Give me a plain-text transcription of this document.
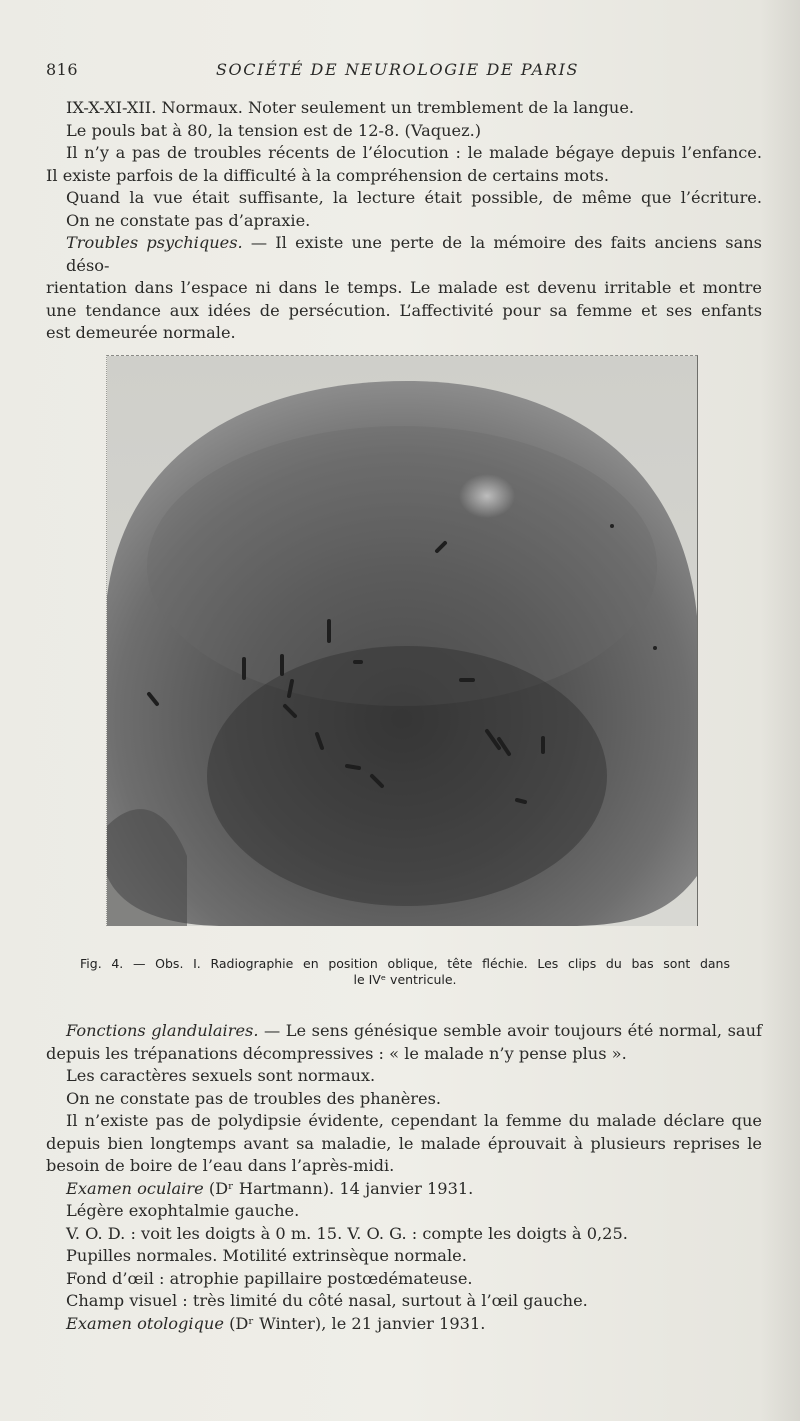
816	SOCIÉTÉ DE NEUROLOGIE DE PARIS
IX-X-XI-XII. Normaux. Noter seulement un tremblement de la langue.
Le pouls bat à 80, la tension est de 12-8. (Vaquez.)
Il n’y a pas de troubles récents de l’élocution : le malade bégaye depuis l’enfance.
Il existe parfois de la difficulté à la compréhension de certains mots.
Quand la vue était suffisante, la lecture était possible, de même que l’écriture.
On ne constate pas d’apraxie.
Troubles psychiques. — Il existe une perte de la mémoire des faits anciens sans déso-
rientation dans l’espace ni dans le temps. Le malade est devenu irritable et montre
une tendance aux idées de persécution. L’affectivité pour sa femme et ses enfants
est demeurée normale.
Fig. 4. — Obs. I. Radiographie en position oblique, tête fléchie. Les clips du bas sont dans
le IVᵉ ventricule.
Fonctions glandulaires. — Le sens génésique semble avoir toujours été normal, sauf
depuis les trépanations décompressives : « le malade n’y pense plus ».
Les caractères sexuels sont normaux.
On ne constate pas de troubles des phanères.
Il n’existe pas de polydipsie évidente, cependant la femme du malade déclare que
depuis bien longtemps avant sa maladie, le malade éprouvait à plusieurs reprises le
besoin de boire de l’eau dans l’après-midi.
Examen oculaire (Dʳ Hartmann). 14 janvier 1931.
Légère exophtalmie gauche.
V. O. D. : voit les doigts à 0 m. 15. V. O. G. : compte les doigts à 0,25.
Pupilles normales. Motilité extrinsèque normale.
Fond d’œil : atrophie papillaire postœdémateuse.
Champ visuel : très limité du côté nasal, surtout à l’œil gauche.
Examen otologique (Dʳ Winter), le 21 janvier 1931.
